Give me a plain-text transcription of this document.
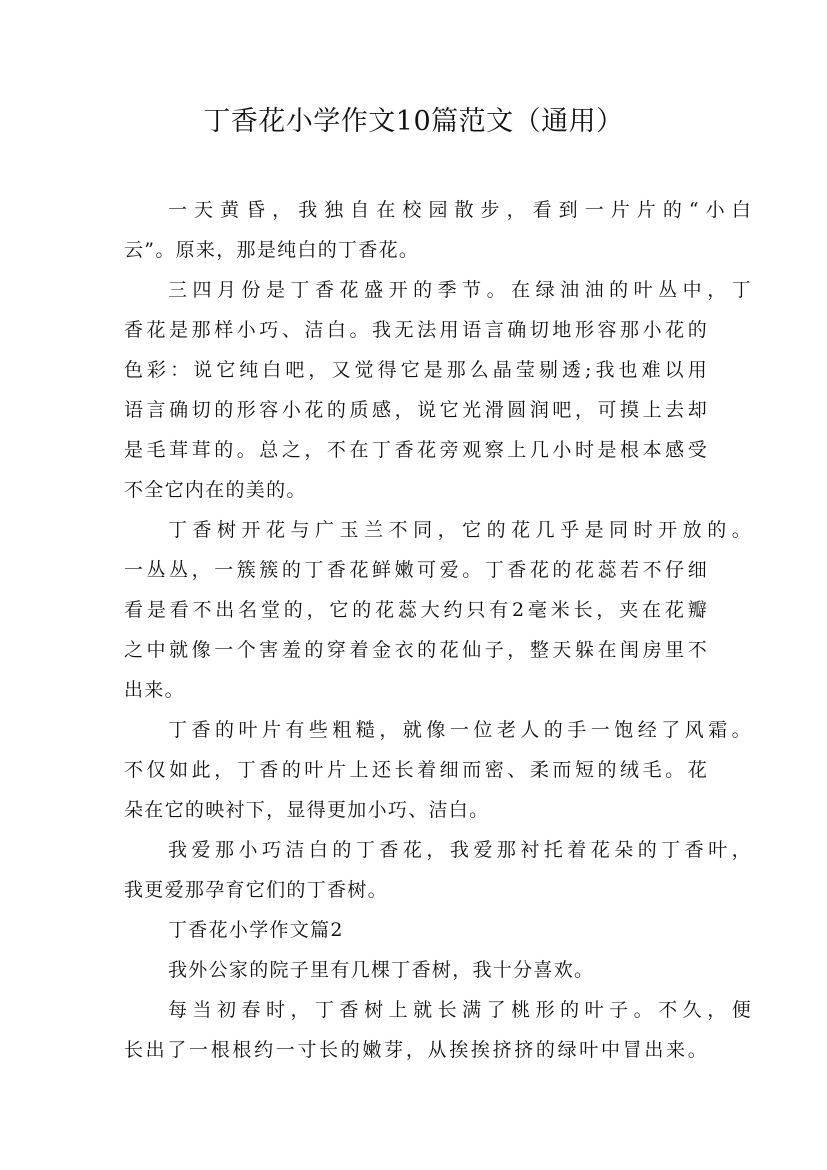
丁香花小学作文10篇范文（通用）
一天黄昏，我独自在校园散步，看到一片片的“小白
云”。原来，那是纯白的丁香花。
三四月份是丁香花盛开的季节。在绿油油的叶丛中，丁
香花是那样小巧、洁白。我无法用语言确切地形容那小花的
色彩：说它纯白吧，又觉得它是那么晶莹剔透;我也难以用
语言确切的形容小花的质感，说它光滑圆润吧，可摸上去却
是毛茸茸的。总之，不在丁香花旁观察上几小时是根本感受
不全它内在的美的。
丁香树开花与广玉兰不同，它的花几乎是同时开放的。
一丛丛，一簇簇的丁香花鲜嫩可爱。丁香花的花蕊若不仔细
看是看不出名堂的，它的花蕊大约只有2毫米长，夹在花瓣
之中就像一个害羞的穿着金衣的花仙子，整天躲在闺房里不
出来。
丁香的叶片有些粗糙，就像一位老人的手一饱经了风霜。
不仅如此，丁香的叶片上还长着细而密、柔而短的绒毛。花
朵在它的映衬下，显得更加小巧、洁白。
我爱那小巧洁白的丁香花，我爱那衬托着花朵的丁香叶，
我更爱那孕育它们的丁香树。
丁香花小学作文篇2
我外公家的院子里有几棵丁香树，我十分喜欢。
每当初春时，丁香树上就长满了桃形的叶子。不久，便
长出了一根根约一寸长的嫩芽，从挨挨挤挤的绿叶中冒出来。
